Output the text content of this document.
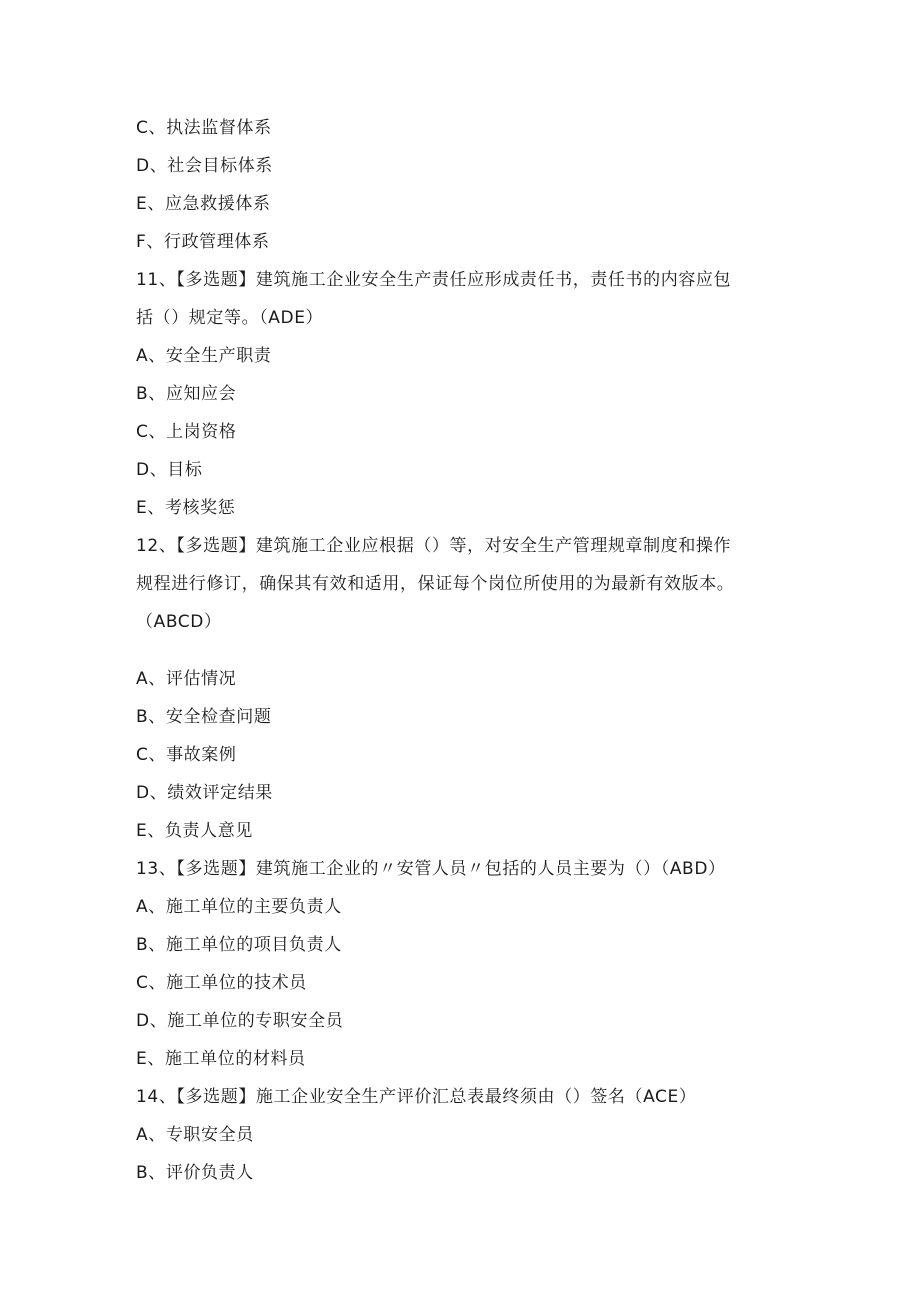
C、执法监督体系
D、社会目标体系
E、应急救援体系
F、行政管理体系
11、【多选题】建筑施工企业安全生产责任应形成责任书，责任书的内容应包
括（）规定等。（ADE）
A、安全生产职责
B、应知应会
C、上岗资格
D、目标
E、考核奖惩
12、【多选题】建筑施工企业应根据（）等，对安全生产管理规章制度和操作
规程进行修订，确保其有效和适用，保证每个岗位所使用的为最新有效版本。
（ABCD）
A、评估情况
B、安全检查问题
C、事故案例
D、绩效评定结果
E、负责人意见
13、【多选题】建筑施工企业的〃安管人员〃包括的人员主要为（）（ABD）
A、施工单位的主要负责人
B、施工单位的项目负责人
C、施工单位的技术员
D、施工单位的专职安全员
E、施工单位的材料员
14、【多选题】施工企业安全生产评价汇总表最终须由（）签名（ACE）
A、专职安全员
B、评价负责人
